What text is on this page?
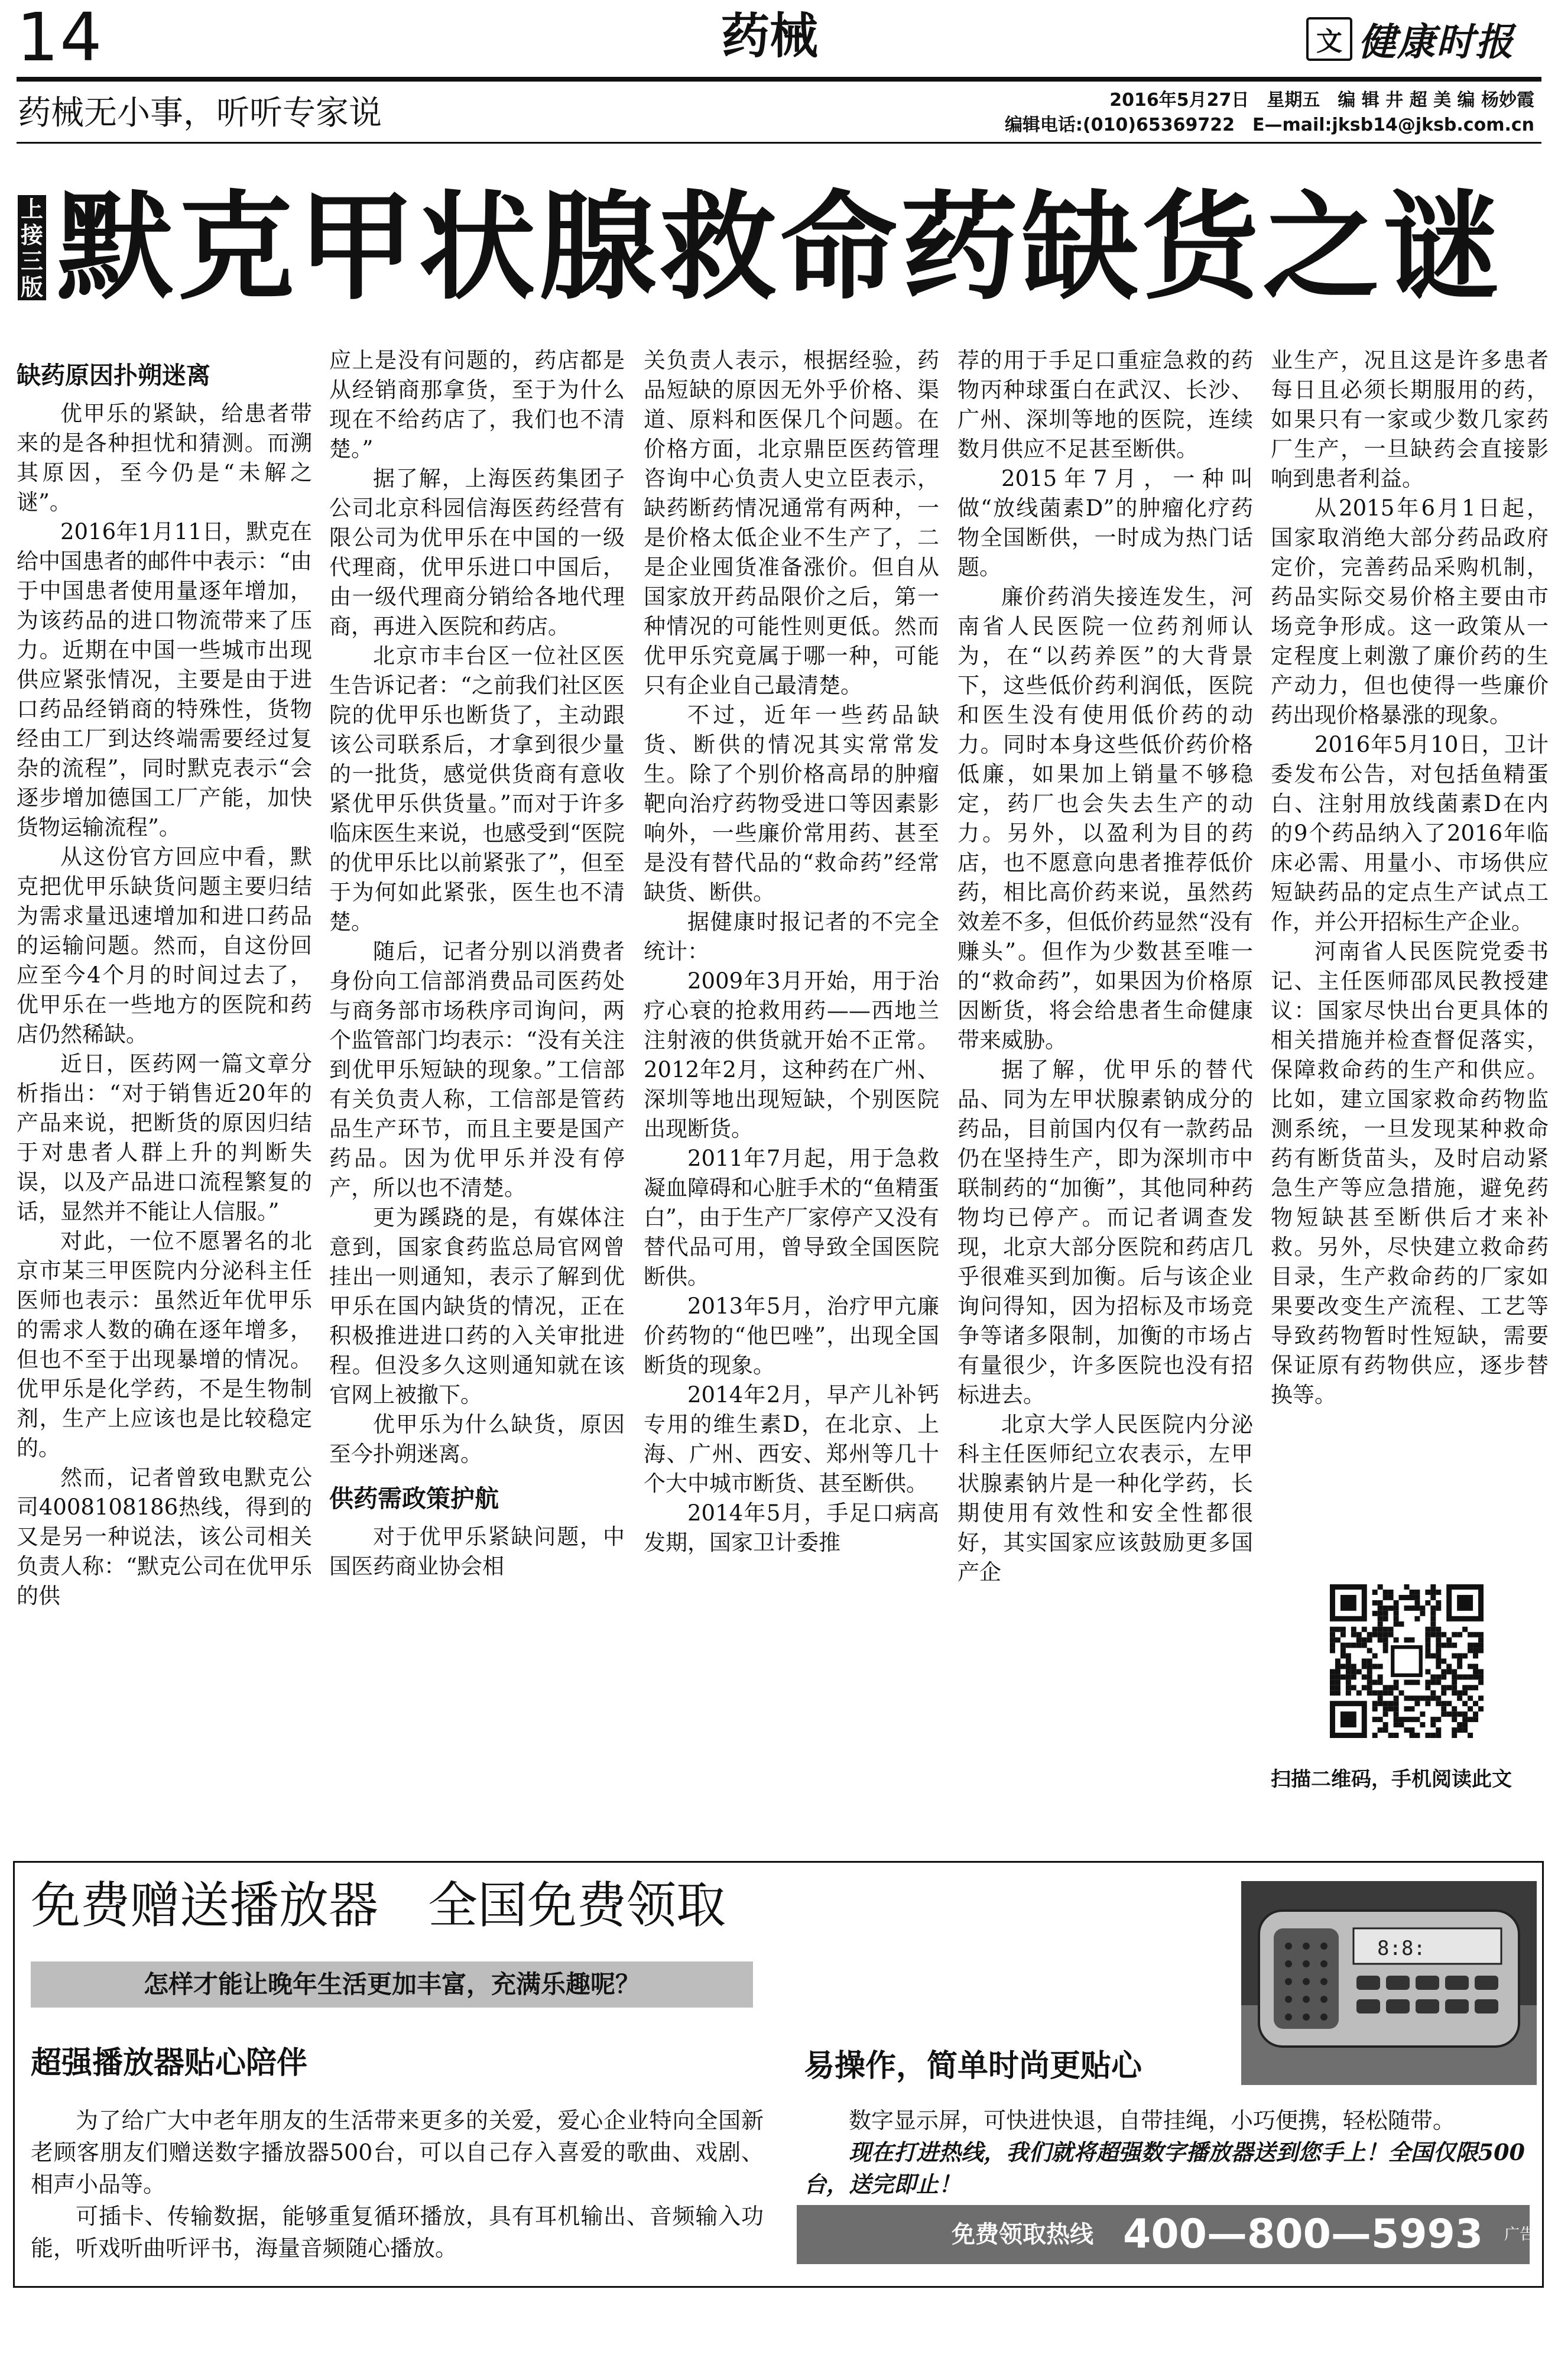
14	药械	文 健康时报
药械无小事，听听专家说	2016年5月27日　星期五　编 辑 井 超 美 编 杨妙霞
编辑电话:(010)65369722　E—mail:jksb14@jksb.com.cn
上接三版 默克甲状腺救命药缺货之谜
缺药原因扑朔迷离

优甲乐的紧缺，给患者带来的是各种担忧和猜测。而溯其原因，至今仍是“未解之谜”。

2016年1月11日，默克在给中国患者的邮件中表示：“由于中国患者使用量逐年增加，为该药品的进口物流带来了压力。近期在中国一些城市出现供应紧张情况，主要是由于进口药品经销商的特殊性，货物经由工厂到达终端需要经过复杂的流程”，同时默克表示“会逐步增加德国工厂产能，加快货物运输流程”。

从这份官方回应中看，默克把优甲乐缺货问题主要归结为需求量迅速增加和进口药品的运输问题。然而，自这份回应至今4个月的时间过去了，优甲乐在一些地方的医院和药店仍然稀缺。

近日，医药网一篇文章分析指出：“对于销售近20年的产品来说，把断货的原因归结于对患者人群上升的判断失误，以及产品进口流程繁复的话，显然并不能让人信服。”

对此，一位不愿署名的北京市某三甲医院内分泌科主任医师也表示：虽然近年优甲乐的需求人数的确在逐年增多，但也不至于出现暴增的情况。优甲乐是化学药，不是生物制剂，生产上应该也是比较稳定的。

然而，记者曾致电默克公司4008108186热线，得到的又是另一种说法，该公司相关负责人称：“默克公司在优甲乐的供

应上是没有问题的，药店都是从经销商那拿货，至于为什么现在不给药店了，我们也不清楚。”

据了解，上海医药集团子公司北京科园信海医药经营有限公司为优甲乐在中国的一级代理商，优甲乐进口中国后，由一级代理商分销给各地代理商，再进入医院和药店。

北京市丰台区一位社区医生告诉记者：“之前我们社区医院的优甲乐也断货了，主动跟该公司联系后，才拿到很少量的一批货，感觉供货商有意收紧优甲乐供货量。”而对于许多临床医生来说，也感受到“医院的优甲乐比以前紧张了”，但至于为何如此紧张，医生也不清楚。

随后，记者分别以消费者身份向工信部消费品司医药处与商务部市场秩序司询问，两个监管部门均表示：“没有关注到优甲乐短缺的现象。”工信部有关负责人称，工信部是管药品生产环节，而且主要是国产药品。因为优甲乐并没有停产，所以也不清楚。

更为蹊跷的是，有媒体注意到，国家食药监总局官网曾挂出一则通知，表示了解到优甲乐在国内缺货的情况，正在积极推进进口药的入关审批进程。但没多久这则通知就在该官网上被撤下。

优甲乐为什么缺货，原因至今扑朔迷离。

供药需政策护航

对于优甲乐紧缺问题，中国医药商业协会相

关负责人表示，根据经验，药品短缺的原因无外乎价格、渠道、原料和医保几个问题。在价格方面，北京鼎臣医药管理咨询中心负责人史立臣表示，缺药断药情况通常有两种，一是价格太低企业不生产了，二是企业囤货准备涨价。但自从国家放开药品限价之后，第一种情况的可能性则更低。然而优甲乐究竟属于哪一种，可能只有企业自己最清楚。

不过，近年一些药品缺货、断供的情况其实常常发生。除了个别价格高昂的肿瘤靶向治疗药物受进口等因素影响外，一些廉价常用药、甚至是没有替代品的“救命药”经常缺货、断供。

据健康时报记者的不完全统计：

2009年3月开始，用于治疗心衰的抢救用药——西地兰注射液的供货就开始不正常。2012年2月，这种药在广州、深圳等地出现短缺，个别医院出现断货。

2011年7月起，用于急救凝血障碍和心脏手术的“鱼精蛋白”，由于生产厂家停产又没有替代品可用，曾导致全国医院断供。

2013年5月，治疗甲亢廉价药物的“他巴唑”，出现全国断货的现象。

2014年2月，早产儿补钙专用的维生素D，在北京、上海、广州、西安、郑州等几十个大中城市断货、甚至断供。

2014年5月，手足口病高发期，国家卫计委推

荐的用于手足口重症急救的药物丙种球蛋白在武汉、长沙、广州、深圳等地的医院，连续数月供应不足甚至断供。

2015年7月，一种叫做“放线菌素D”的肿瘤化疗药物全国断供，一时成为热门话题。

廉价药消失接连发生，河南省人民医院一位药剂师认为，在“以药养医”的大背景下，这些低价药利润低，医院和医生没有使用低价药的动力。同时本身这些低价药价格低廉，如果加上销量不够稳定，药厂也会失去生产的动力。另外，以盈利为目的药店，也不愿意向患者推荐低价药，相比高价药来说，虽然药效差不多，但低价药显然“没有赚头”。但作为少数甚至唯一的“救命药”，如果因为价格原因断货，将会给患者生命健康带来威胁。

据了解，优甲乐的替代品、同为左甲状腺素钠成分的药品，目前国内仅有一款药品仍在坚持生产，即为深圳市中联制药的“加衡”，其他同种药物均已停产。而记者调查发现，北京大部分医院和药店几乎很难买到加衡。后与该企业询问得知，因为招标及市场竞争等诸多限制，加衡的市场占有量很少，许多医院也没有招标进去。

北京大学人民医院内分泌科主任医师纪立农表示，左甲状腺素钠片是一种化学药，长期使用有效性和安全性都很好，其实国家应该鼓励更多国产企

业生产，况且这是许多患者每日且必须长期服用的药，如果只有一家或少数几家药厂生产，一旦缺药会直接影响到患者利益。

从2015年6月1日起，国家取消绝大部分药品政府定价，完善药品采购机制，药品实际交易价格主要由市场竞争形成。这一政策从一定程度上刺激了廉价药的生产动力，但也使得一些廉价药出现价格暴涨的现象。

2016年5月10日，卫计委发布公告，对包括鱼精蛋白、注射用放线菌素D在内的9个药品纳入了2016年临床必需、用量小、市场供应短缺药品的定点生产试点工作，并公开招标生产企业。

河南省人民医院党委书记、主任医师邵凤民教授建议：国家尽快出台更具体的相关措施并检查督促落实，保障救命药的生产和供应。比如，建立国家救命药物监测系统，一旦发现某种救命药有断货苗头，及时启动紧急生产等应急措施，避免药物短缺甚至断供后才来补救。另外，尽快建立救命药目录，生产救命药的厂家如果要改变生产流程、工艺等导致药物暂时性短缺，需要保证原有药物供应，逐步替换等。

扫描二维码，手机阅读此文
免费赠送播放器　全国免费领取
怎样才能让晚年生活更加丰富，充满乐趣呢？
8:8:
超强播放器贴心陪伴	易操作，简单时尚更贴心

为了给广大中老年朋友的生活带来更多的关爱，爱心企业特向全国新老顾客朋友们赠送数字播放器500台，可以自己存入喜爱的歌曲、戏剧、相声小品等。

可插卡、传输数据，能够重复循环播放，具有耳机输出、音频输入功能，听戏听曲听评书，海量音频随心播放。

数字显示屏，可快进快退，自带挂绳，小巧便携，轻松随带。

现在打进热线，我们就将超强数字播放器送到您手上！全国仅限500台，送完即止！

免费领取热线 400—800—5993 广告
